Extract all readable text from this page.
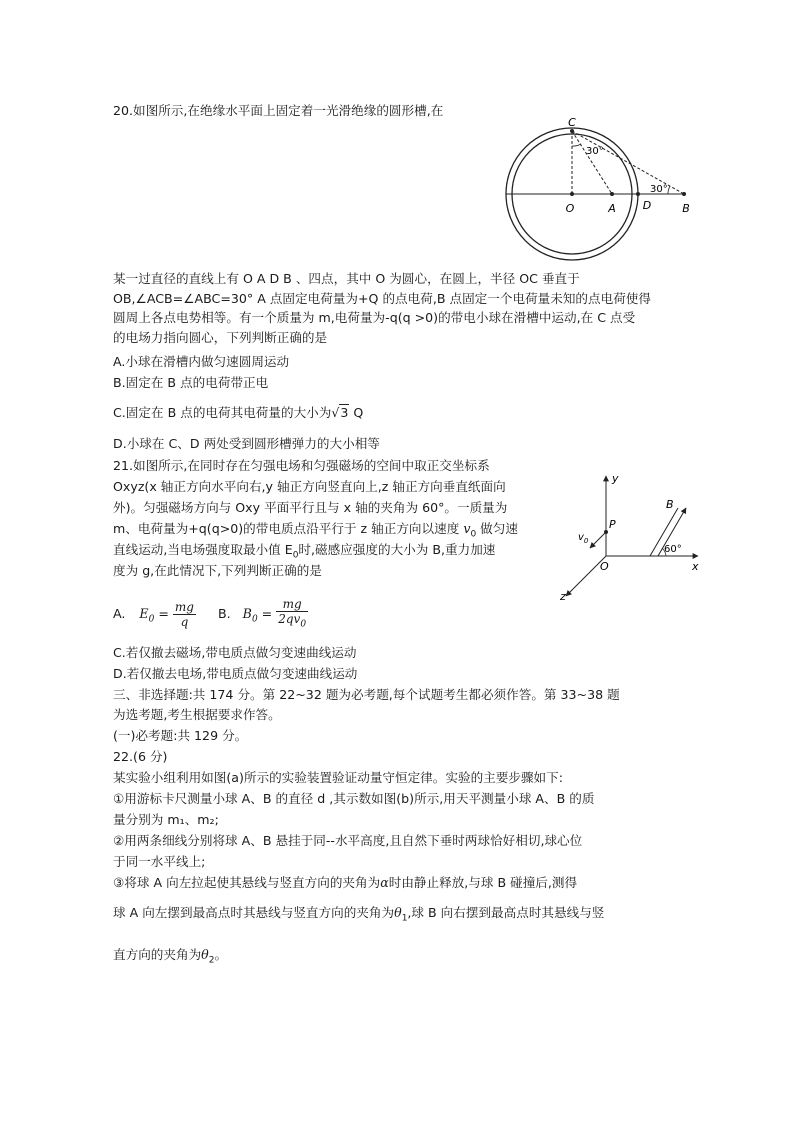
20.如图所示,在绝缘水平面上固定着一光滑绝缘的圆形槽,在
C
O	A D	B
30°
30°
某一过直径的直线上有 O A D B 、四点，其中 O 为圆心，在圆上，半径 OC 垂直于
OB,∠ACB=∠ABC=30° A 点固定电荷量为+Q 的点电荷,B 点固定一个电荷量未知的点电荷使得
圆周上各点电势相等。有一个质量为 m,电荷量为-q(q >0)的带电小球在滑槽中运动,在 C 点受
的电场力指向圆心，下列判断正确的是
A.小球在滑槽内做匀速圆周运动
B.固定在 B 点的电荷带正电
C.固定在 B 点的电荷其电荷量的大小为√3 Q
D.小球在 C、D 两处受到圆形槽弹力的大小相等
21.如图所示,在同时存在匀强电场和匀强磁场的空间中取正交坐标系
Oxyz(x 轴正方向水平向右,y 轴正方向竖直向上,z 轴正方向垂直纸面向
外)。匀强磁场方向与 Oxy 平面平行且与 x 轴的夹角为 60°。一质量为
m、电荷量为+q(q>0)的带电质点沿平行于 z 轴正方向以速度 $v_0$ 做匀速
直线运动,当电场强度取最小值 $E_0$时,磁感应强度的大小为 B,重力加速
度为 g,在此情况下,下列判断正确的是
y
x
z
O
P
B
$v_0$
60°
A. $E_0 = \frac{mg}{q} B$. $B_0 = \frac{mg}{2qv_0}$
C.若仅撤去磁场,带电质点做匀变速曲线运动
D.若仅撤去电场,带电质点做匀变速曲线运动
三、非选择题:共 174 分。第 22~32 题为必考题,每个试题考生都必须作答。第 33~38 题
为选考题,考生根据要求作答。
(一)必考题:共 129 分。
22.(6 分)
某实验小组利用如图(a)所示的实验装置验证动量守恒定律。实验的主要步骤如下:
①用游标卡尺测量小球 A、B 的直径 d ,其示数如图(b)所示,用天平测量小球 A、B 的质
量分别为 m₁、m₂;
②用两条细线分别将球 A、B 悬挂于同--水平高度,且自然下垂时两球恰好相切,球心位
于同一水平线上;
③将球 A 向左拉起使其悬线与竖直方向的夹角为α时由静止释放,与球 B 碰撞后,测得
球 A 向左摆到最高点时其悬线与竖直方向的夹角为$\theta_1$,球 B 向右摆到最高点时其悬线与竖
直方向的夹角为$\theta_2$。
